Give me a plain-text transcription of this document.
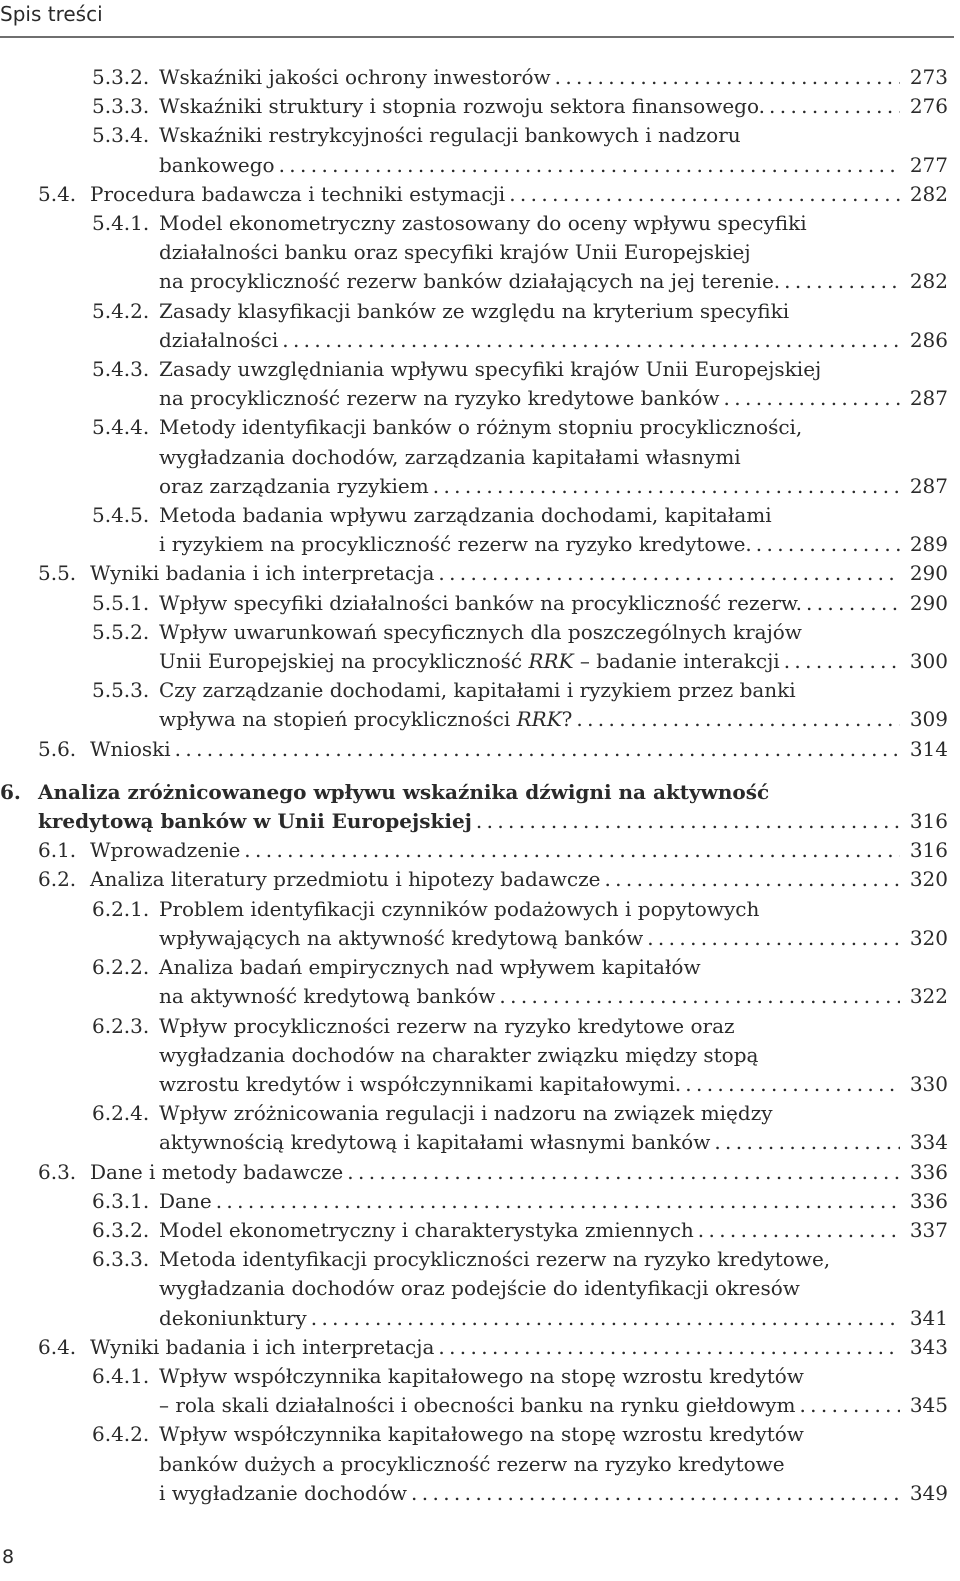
Spis treści
5.3.2. Wskaźniki jakości ochrony inwestorów . . .	273
5.3.3. Wskaźniki struktury i stopnia rozwoju sektora finansowego. . . .	276
5.3.4. Wskaźniki restrykcyjności regulacji bankowych i nadzoru
bankowego . . .	277
5.4. Procedura badawcza i techniki estymacji . . .	282
5.4.1. Model ekonometryczny zastosowany do oceny wpływu specyfiki
działalności banku oraz specyfiki krajów Unii Europejskiej
na procykliczność rezerw banków działających na jej terenie. . . .	282
5.4.2. Zasady klasyfikacji banków ze względu na kryterium specyfiki
działalności . . .	286
5.4.3. Zasady uwzględniania wpływu specyfiki krajów Unii Europejskiej
na procykliczność rezerw na ryzyko kredytowe banków . . .	287
5.4.4. Metody identyfikacji banków o różnym stopniu procykliczności,
wygładzania dochodów, zarządzania kapitałami własnymi
oraz zarządzania ryzykiem . . .	287
5.4.5. Metoda badania wpływu zarządzania dochodami, kapitałami
i ryzykiem na procykliczność rezerw na ryzyko kredytowe. . . .	289
5.5. Wyniki badania i ich interpretacja . . .	290
5.5.1. Wpływ specyfiki działalności banków na procykliczność rezerw. . . .	290
5.5.2. Wpływ uwarunkowań specyficznych dla poszczególnych krajów
Unii Europejskiej na procykliczność RRK – badanie interakcji . . .	300
5.5.3. Czy zarządzanie dochodami, kapitałami i ryzykiem przez banki
wpływa na stopień procykliczności RRK? . . .	309
5.6. Wnioski . . .	314
6. Analiza zróżnicowanego wpływu wskaźnika dźwigni na aktywność
kredytową banków w Unii Europejskiej . . .	316
6.1. Wprowadzenie . . .	316
6.2. Analiza literatury przedmiotu i hipotezy badawcze . . .	320
6.2.1. Problem identyfikacji czynników podażowych i popytowych
wpływających na aktywność kredytową banków . . .	320
6.2.2. Analiza badań empirycznych nad wpływem kapitałów
na aktywność kredytową banków . . .	322
6.2.3. Wpływ procykliczności rezerw na ryzyko kredytowe oraz
wygładzania dochodów na charakter związku między stopą
wzrostu kredytów i współczynnikami kapitałowymi. . . .	330
6.2.4. Wpływ zróżnicowania regulacji i nadzoru na związek między
aktywnością kredytową i kapitałami własnymi banków . . .	334
6.3. Dane i metody badawcze . . .	336
6.3.1. Dane . . .	336
6.3.2. Model ekonometryczny i charakterystyka zmiennych . . .	337
6.3.3. Metoda identyfikacji procykliczności rezerw na ryzyko kredytowe,
wygładzania dochodów oraz podejście do identyfikacji okresów
dekoniunktury . . .	341
6.4. Wyniki badania i ich interpretacja . . .	343
6.4.1. Wpływ współczynnika kapitałowego na stopę wzrostu kredytów
– rola skali działalności i obecności banku na rynku giełdowym . . .	345
6.4.2. Wpływ współczynnika kapitałowego na stopę wzrostu kredytów
banków dużych a procykliczność rezerw na ryzyko kredytowe
i wygładzanie dochodów . . .	349
8
